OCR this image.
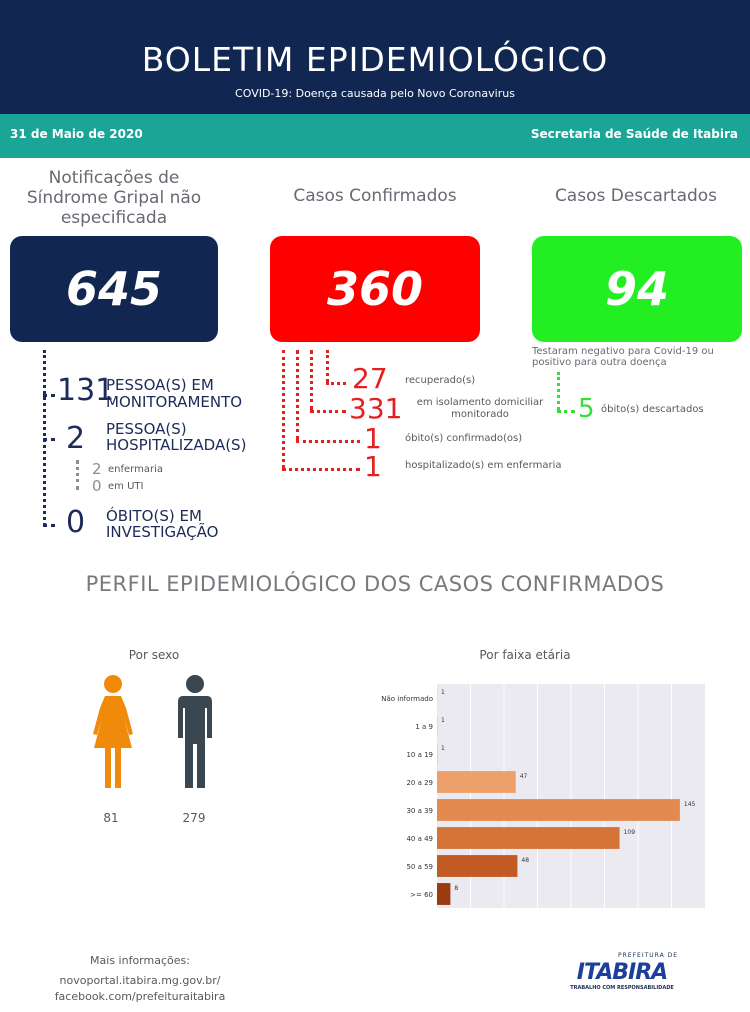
BOLETIM EPIDEMIOLÓGICO
COVID-19: Doença causada pelo Novo Coronavirus
31 de Maio de 2020	Secretaria de Saúde de Itabira
Notificações de Síndrome Gripal não especificada
Casos Confirmados	Casos Descartados
645	360	94
131
PESSOA(S) EM MONITORAMENTO
2 PESSOA(S) HOSPITALIZADA(S)
2 enfermaria
0 em UTI
0 ÓBITO(S) EM INVESTIGAÇÃO
27 recuperado(s)
331	em isolamento domiciliar monitorado
1 óbito(s) confirmado(os)
1 hospitalizado(s) em enfermaria
Testaram negativo para Covid-19 ou positivo para outra doença
5 óbito(s) descartados
PERFIL EPIDEMIOLÓGICO DOS CASOS CONFIRMADOS
Por sexo
81	279
Por faixa etária
Não informado
1
1 a 9
1
10 a 19
1
20 a 29
47
30 a 39
145
40 a 49
109
50 a 59
48
>= 60
8
Mais informações:
novoportal.itabira.mg.gov.br/
facebook.com/prefeituraitabira
PREFEITURA DE
ITABIRA
TRABALHO COM RESPONSABILIDADE
